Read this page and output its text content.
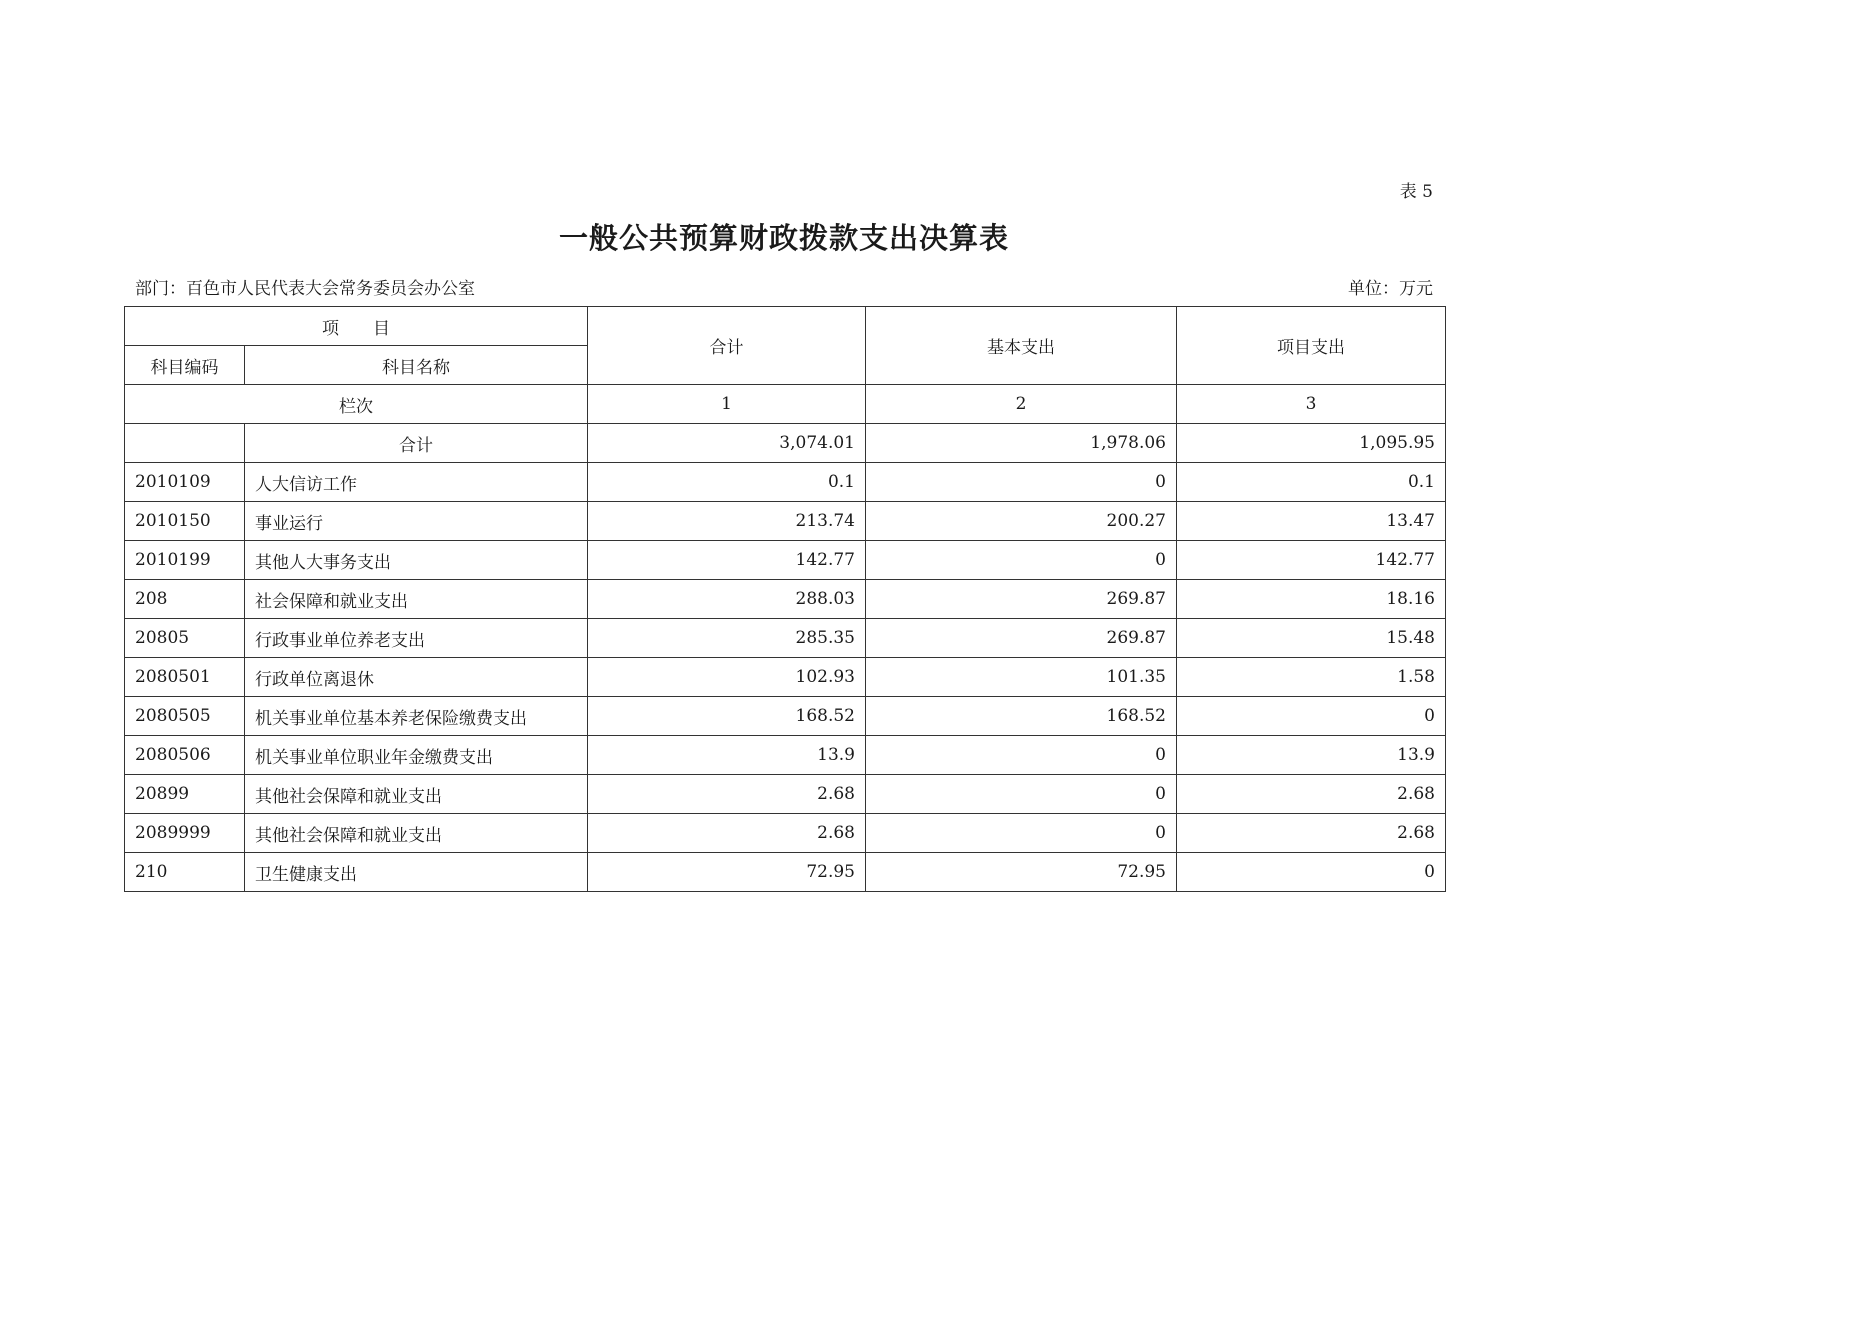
表 5
一般公共预算财政拨款支出决算表
部门：百色市人民代表大会常务委员会办公室	单位：万元
项　　目		合计	基本支出	项目支出
科目编码	科目名称			
栏次		1	2	3
	合计	3,074.01	1,978.06	1,095.95
2010109	人大信访工作	0.1	0	0.1
2010150	事业运行	213.74	200.27	13.47
2010199	其他人大事务支出	142.77	0	142.77
208	社会保障和就业支出	288.03	269.87	18.16
20805	行政事业单位养老支出	285.35	269.87	15.48
2080501	行政单位离退休	102.93	101.35	1.58
2080505	机关事业单位基本养老保险缴费支出	168.52	168.52	0
2080506	机关事业单位职业年金缴费支出	13.9	0	13.9
20899	其他社会保障和就业支出	2.68	0	2.68
2089999	其他社会保障和就业支出	2.68	0	2.68
210	卫生健康支出	72.95	72.95	0
